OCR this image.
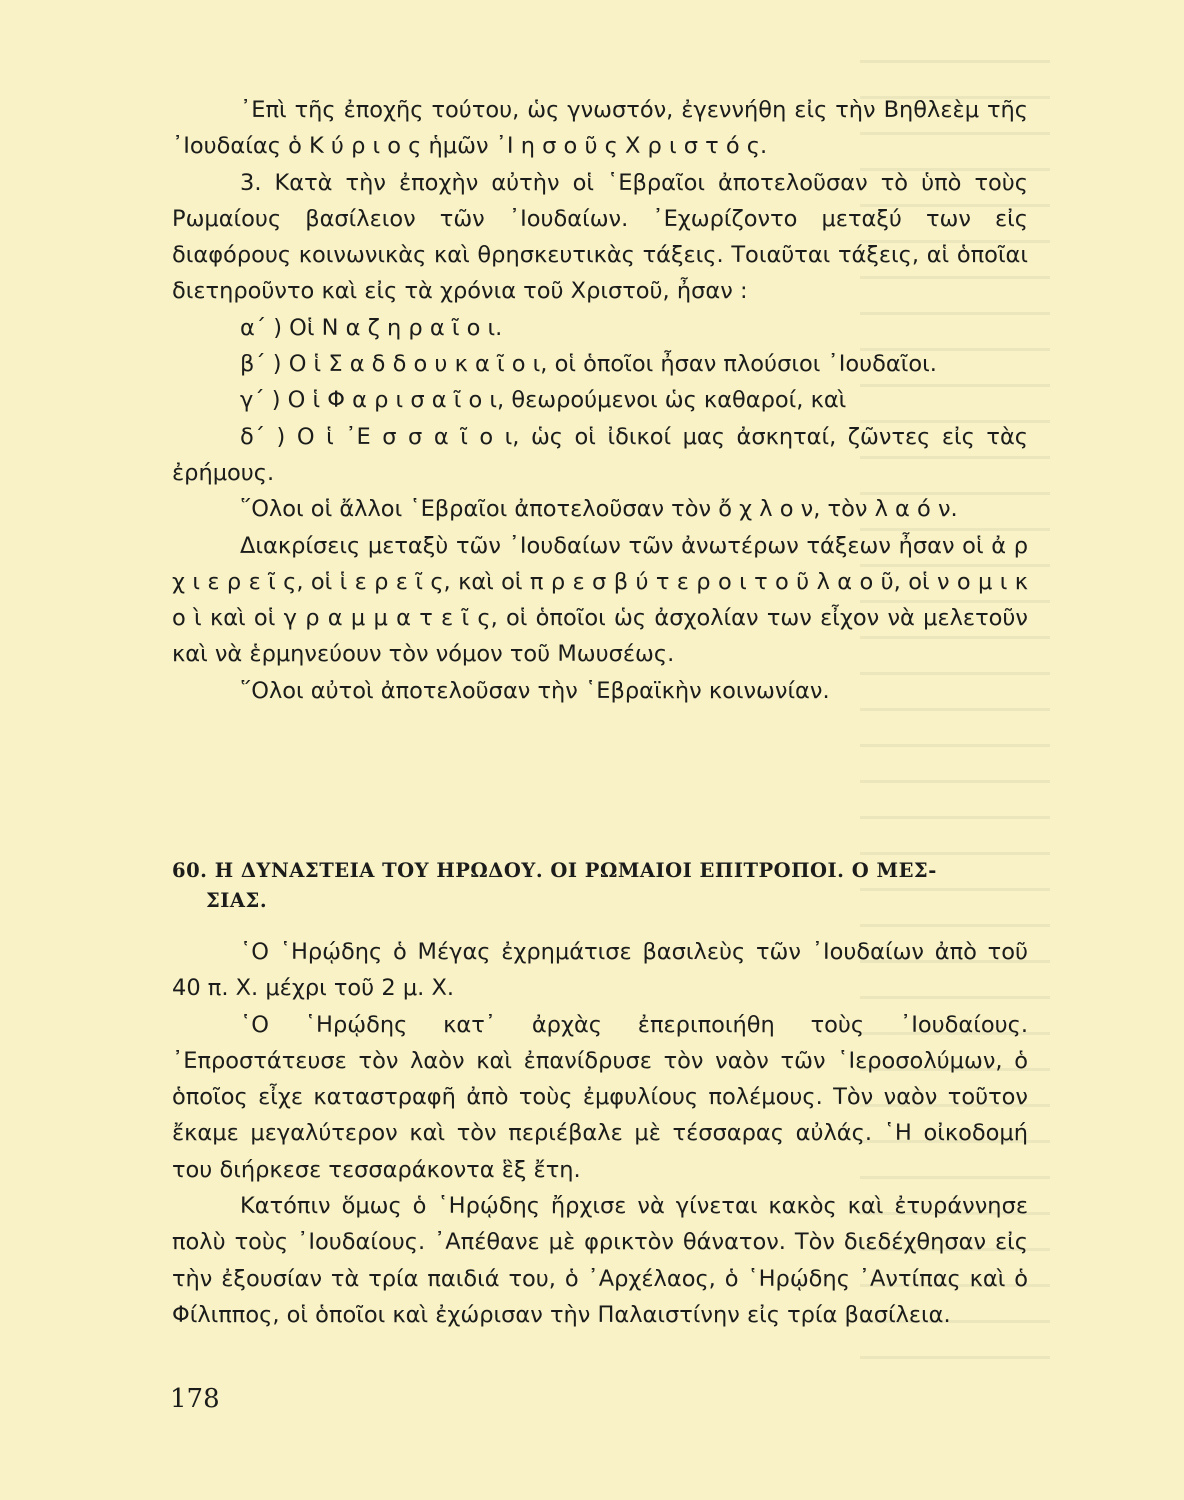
᾿Επὶ τῆς ἐποχῆς τούτου, ὡς γνωστόν, ἐγεννήθη εἰς τὴν Βηθλεὲμ τῆς ᾿Ιουδαίας ὁ Κ ύ ρ ι ο ς ἡμῶν ᾿Ι η σ ο ῦ ς Χ ρ ι σ τ ό ς.

3. Κατὰ τὴν ἐποχὴν αὐτὴν οἱ ῾Εβραῖοι ἀποτελοῦσαν τὸ ὑπὸ τοὺς Ρωμαίους βασίλειον τῶν ᾿Ιουδαίων. ᾿Εχωρίζοντο μεταξύ των εἰς διαφόρους κοινωνικὰς καὶ θρησκευτικὰς τάξεις. Τοιαῦται τάξεις, αἱ ὁποῖαι διετηροῦντο καὶ εἰς τὰ χρόνια τοῦ Χριστοῦ, ἦσαν :

α΄ ) Οἱ Ν α ζ η ρ α ῖ ο ι.

β΄ ) Ο ἱ Σ α δ δ ο υ κ α ῖ ο ι, οἱ ὁποῖοι ἦσαν πλούσιοι ᾿Ιουδαῖοι.

γ΄ ) Ο ἱ Φ α ρ ι σ α ῖ ο ι, θεωρούμενοι ὡς καθαροί, καὶ

δ΄ ) Ο ἱ ᾿Ε σ σ α ῖ ο ι, ὡς οἱ ἰδικοί μας ἀσκηταί, ζῶντες εἰς τὰς ἐρήμους.

῞Ολοι οἱ ἄλλοι ῾Εβραῖοι ἀποτελοῦσαν τὸν ὄ χ λ ο ν, τὸν λ α ό ν.

Διακρίσεις μεταξὺ τῶν ᾿Ιουδαίων τῶν ἀνωτέρων τάξεων ἦσαν οἱ ἀ ρ χ ι ε ρ ε ῖ ς, οἱ ἱ ε ρ ε ῖ ς, καὶ οἱ π ρ ε σ β ύ τ ε ρ ο ι τ ο ῦ λ α ο ῦ, οἱ ν ο μ ι κ ο ὶ καὶ οἱ γ ρ α μ μ α τ ε ῖ ς, οἱ ὁποῖοι ὡς ἀσχολίαν των εἶχον νὰ μελετοῦν καὶ νὰ ἑρμηνεύουν τὸν νόμον τοῦ Μωυσέως.

῞Ολοι αὐτοὶ ἀποτελοῦσαν τὴν ῾Εβραϊκὴν κοινωνίαν.

60. Η ΔΥΝΑΣΤΕΙΑ ΤΟΥ ΗΡΩΔΟΥ. ΟΙ ΡΩΜΑΙΟΙ ΕΠΙΤΡΟΠΟΙ. Ο ΜΕΣ-
ΣΙΑΣ.

῾Ο ῾Ηρῴδης ὁ Μέγας ἐχρημάτισε βασιλεὺς τῶν ᾿Ιουδαίων ἀπὸ τοῦ 40 π. Χ. μέχρι τοῦ 2 μ. Χ.

῾Ο ῾Ηρῴδης κατ᾿ ἀρχὰς ἐπεριποιήθη τοὺς ᾿Ιουδαίους. ᾿Επροστάτευσε τὸν λαὸν καὶ ἐπανίδρυσε τὸν ναὸν τῶν ῾Ιεροσολύμων, ὁ ὁποῖος εἶχε καταστραφῆ ἀπὸ τοὺς ἐμφυλίους πολέμους. Τὸν ναὸν τοῦτον ἔκαμε μεγαλύτερον καὶ τὸν περιέβαλε μὲ τέσσαρας αὐλάς. ῾Η οἰκοδομή του διήρκεσε τεσσαράκοντα ἓξ ἔτη.

Κατόπιν ὅμως ὁ ῾Ηρῴδης ἤρχισε νὰ γίνεται κακὸς καὶ ἐτυράννησε πολὺ τοὺς ᾿Ιουδαίους. ᾿Απέθανε μὲ φρικτὸν θάνατον. Τὸν διεδέχθησαν εἰς τὴν ἐξουσίαν τὰ τρία παιδιά του, ὁ ᾿Αρχέλαος, ὁ ῾Ηρῴδης ᾿Αντίπας καὶ ὁ Φίλιππος, οἱ ὁποῖοι καὶ ἐχώρισαν τὴν Παλαιστίνην εἰς τρία βασίλεια.

178
